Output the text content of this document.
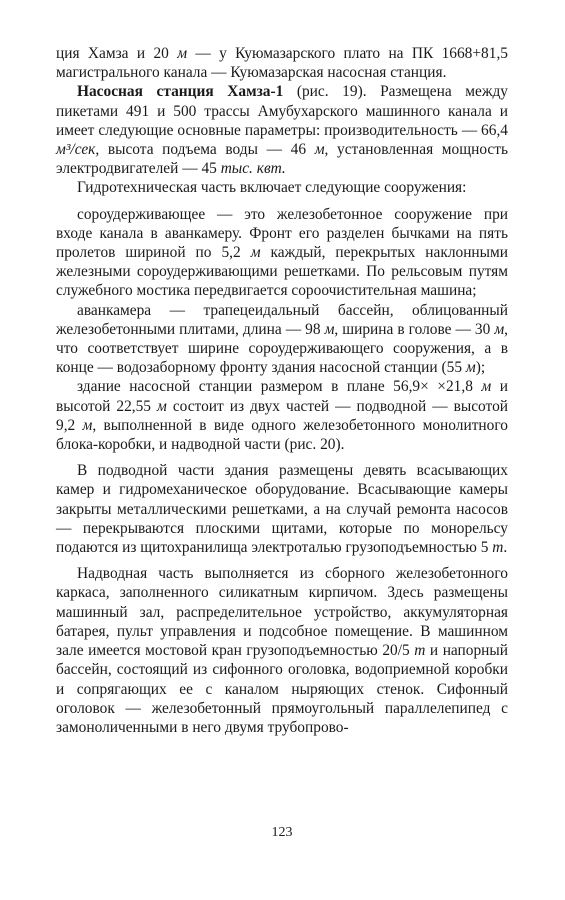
ция Хамза и 20 м — у Куюмазарского плато на ПК 1668+81,5 магистрального канала — Куюмазарская насосная станция.

Насосная станция Хамза-1 (рис. 19). Размещена между пикетами 491 и 500 трассы Амубухарского машинного канала и имеет следующие основные параметры: производительность — 66,4 м³/сек, высота подъема воды — 46 м, установленная мощность электродвигателей — 45 тыс. квт.

Гидротехническая часть включает следующие сооружения:

сороудерживающее — это железобетонное сооружение при входе канала в аванкамеру. Фронт его разделен бычками на пять пролетов шириной по 5,2 м каждый, перекрытых наклонными железными сороудерживающими решетками. По рельсовым путям служебного мостика передвигается сороочистительная машина;

аванкамера — трапецеидальный бассейн, облицованный железобетонными плитами, длина — 98 м, ширина в голове — 30 м, что соответствует ширине сороудерживающего сооружения, а в конце — водозаборному фронту здания насосной станции (55 м);

здание насосной станции размером в плане 56,9× ×21,8 м и высотой 22,55 м состоит из двух частей — подводной — высотой 9,2 м, выполненной в виде одного железобетонного монолитного блока-коробки, и надводной части (рис. 20).

В подводной части здания размещены девять всасывающих камер и гидромеханическое оборудование. Всасывающие камеры закрыты металлическими решетками, а на случай ремонта насосов — перекрываются плоскими щитами, которые по монорельсу подаются из щитохранилища электроталью грузоподъемностью 5 т.

Надводная часть выполняется из сборного железобетонного каркаса, заполненного силикатным кирпичом. Здесь размещены машинный зал, распределительное устройство, аккумуляторная батарея, пульт управления и подсобное помещение. В машинном зале имеется мостовой кран грузоподъемностью 20/5 т и напорный бассейн, состоящий из сифонного оголовка, водоприемной коробки и сопрягающих ее с каналом ныряющих стенок. Сифонный оголовок — железобетонный прямоугольный параллелепипед с замоноличенными в него двумя трубопрово-

123
